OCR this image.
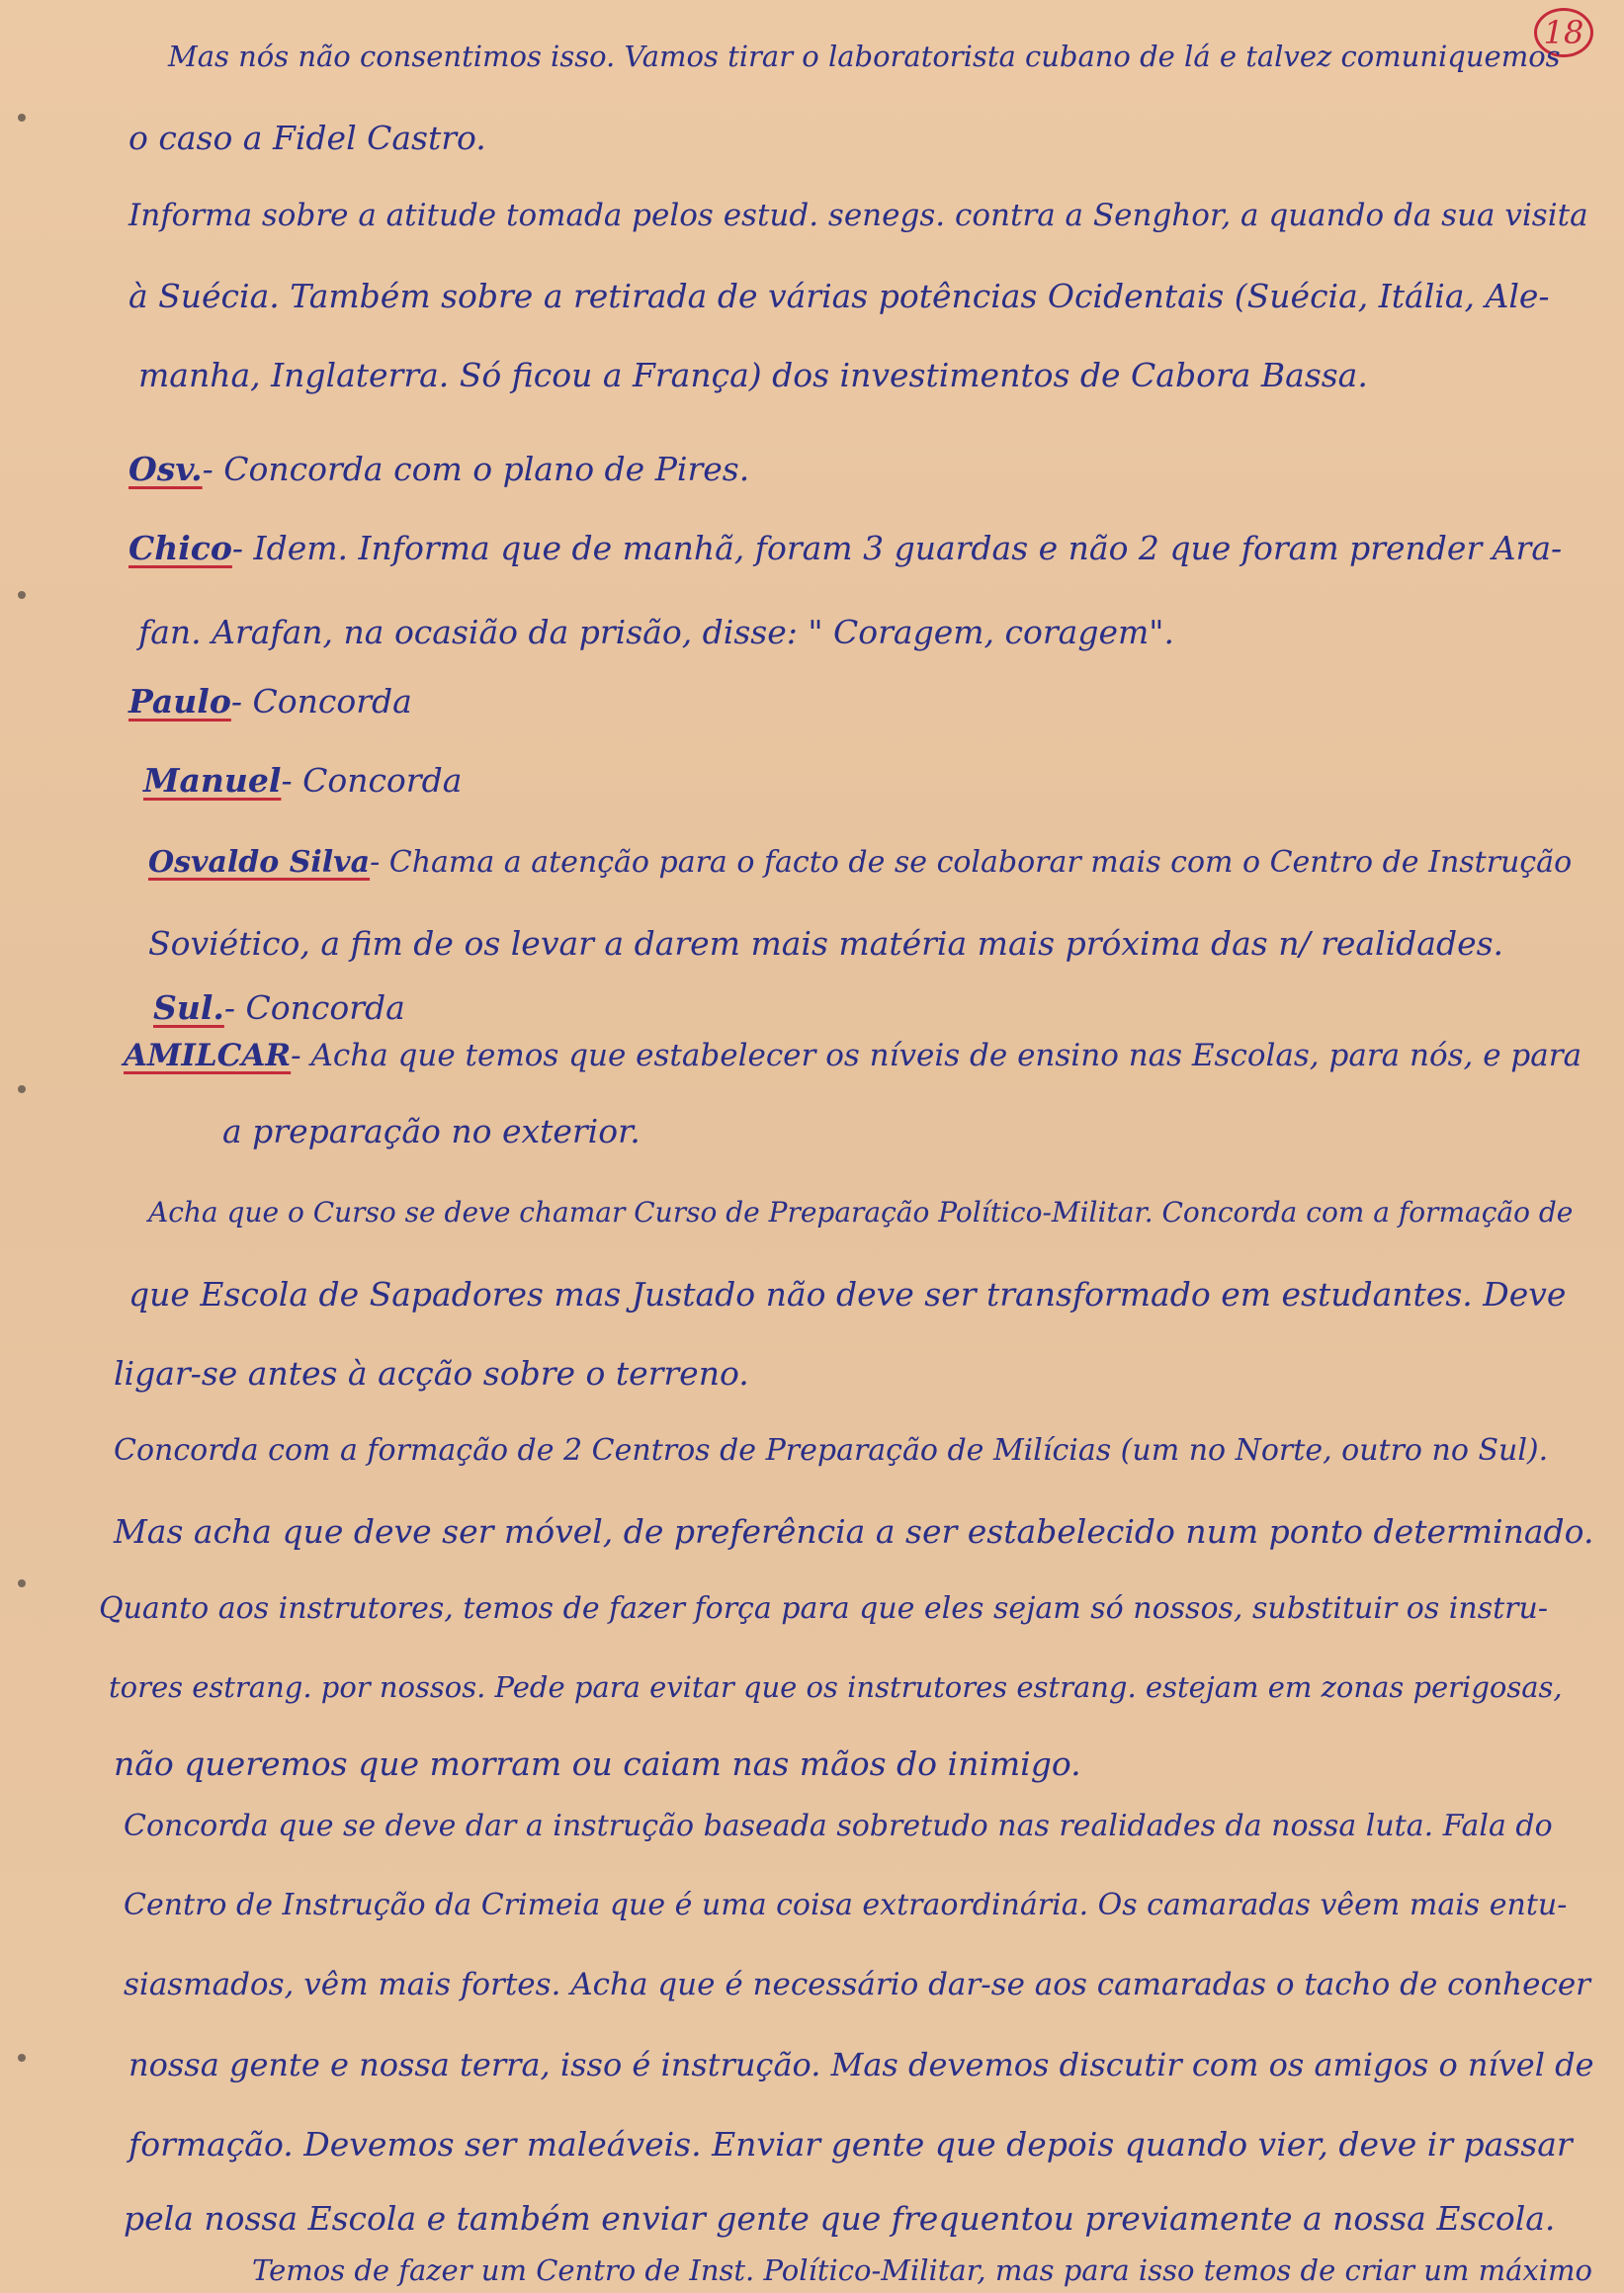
18
Mas nós não consentimos isso. Vamos tirar o laboratorista cubano de lá e talvez comuniquemos
o caso a Fidel Castro.
Informa sobre a atitude tomada pelos estud. senegs. contra a Senghor, a quando da sua visita
à Suécia. Também sobre a retirada de várias potências Ocidentais (Suécia, Itália, Ale-
manha, Inglaterra. Só ficou a França) dos investimentos de Cabora Bassa.
Osv.- Concorda com o plano de Pires.
Chico- Idem. Informa que de manhã, foram 3 guardas e não 2 que foram prender Ara-
fan. Arafan, na ocasião da prisão, disse: " Coragem, coragem".
Paulo- Concorda
Manuel- Concorda
Osvaldo Silva- Chama a atenção para o facto de se colaborar mais com o Centro de Instrução
Soviético, a fim de os levar a darem mais matéria mais próxima das n/ realidades.
Sul.- Concorda
AMILCAR- Acha que temos que estabelecer os níveis de ensino nas Escolas, para nós, e para
a preparação no exterior.
Acha que o Curso se deve chamar Curso de Preparação Político-Militar. Concorda com a formação de
que Escola de Sapadores mas Justado não deve ser transformado em estudantes. Deve
ligar-se antes à acção sobre o terreno.
Concorda com a formação de 2 Centros de Preparação de Milícias (um no Norte, outro no Sul).
Mas acha que deve ser móvel, de preferência a ser estabelecido num ponto determinado.
Quanto aos instrutores, temos de fazer força para que eles sejam só nossos, substituir os instru-
tores estrang. por nossos. Pede para evitar que os instrutores estrang. estejam em zonas perigosas,
não queremos que morram ou caiam nas mãos do inimigo.
Concorda que se deve dar a instrução baseada sobretudo nas realidades da nossa luta. Fala do
Centro de Instrução da Crimeia que é uma coisa extraordinária. Os camaradas vêem mais entu-
siasmados, vêm mais fortes. Acha que é necessário dar-se aos camaradas o tacho de conhecer
nossa gente e nossa terra, isso é instrução. Mas devemos discutir com os amigos o nível de
formação. Devemos ser maleáveis. Enviar gente que depois quando vier, deve ir passar
pela nossa Escola e também enviar gente que frequentou previamente a nossa Escola.
Temos de fazer um Centro de Inst. Político-Militar, mas para isso temos de criar um máximo
